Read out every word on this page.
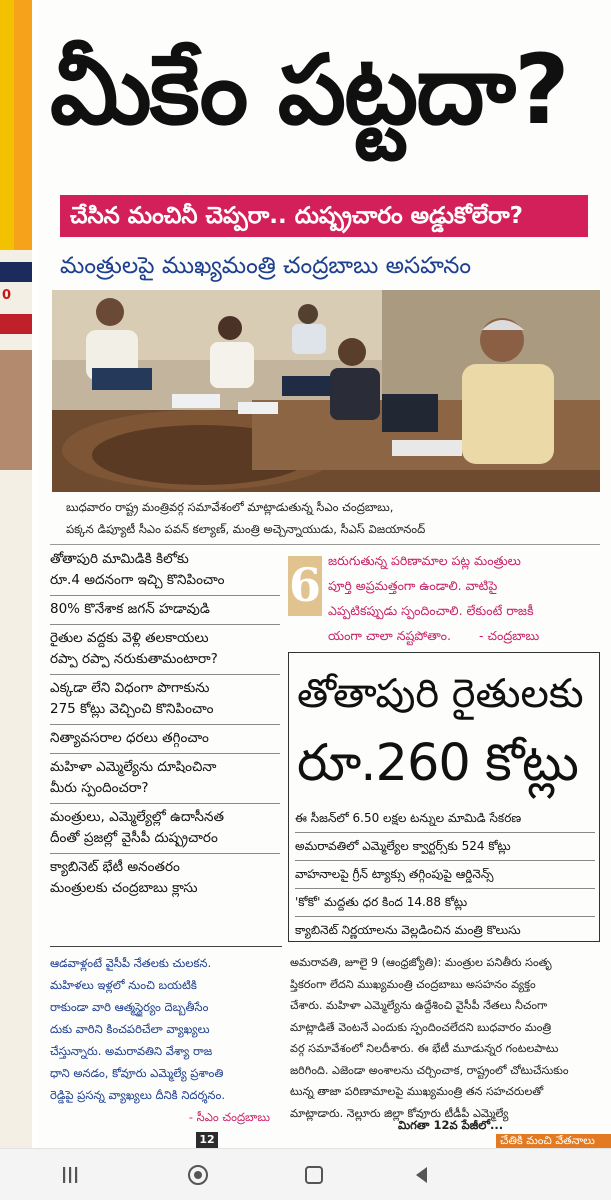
0
మీకేం పట్టదా?
చేసిన మంచినీ చెప్పరా.. దుష్ప్రచారం అడ్డుకోలేరా?
మంత్రులపై ముఖ్యమంత్రి చంద్రబాబు అసహనం
బుధవారం రాష్ట్ర మంత్రివర్గ సమావేశంలో మాట్లాడుతున్న సీఎం చంద్రబాబు,
పక్కన డిప్యూటీ సీఎం పవన్ కల్యాణ్, మంత్రి అచ్చెన్నాయుడు, సీఎస్ విజయానంద్
తోతాపురి మామిడికి కిలోకు
రూ.4 అదనంగా ఇచ్చి కొనిపించాం
80% కొనేశాక జగన్ హడావుడి
రైతుల వద్దకు వెళ్లి తలకాయలు
రప్పా రప్పా నరుకుతామంటారా?
ఎక్కడా లేని విధంగా పొగాకును
275 కోట్లు వెచ్చించి కొనిపించాం
నిత్యావసరాల ధరలు తగ్గించాం
మహిళా ఎమ్మెల్యేను దూషించినా
మీరు స్పందించరా?
మంత్రులు, ఎమ్మెల్యేల్లో ఉదాసీనత
దీంతో ప్రజల్లో వైసీపీ దుష్ప్రచారం
క్యాబినెట్ భేటీ అనంతరం
మంత్రులకు చంద్రబాబు క్లాసు
6 జరుగుతున్న పరిణామాల పట్ల మంత్రులు
పూర్తి అప్రమత్తంగా ఉండాలి. వాటిపై
ఎప్పటికప్పుడు స్పందించాలి. లేకుంటే రాజకీ
యంగా చాలా నష్టపోతాం. - చంద్రబాబు
తోతాపురి రైతులకు
రూ.260 కోట్లు
ఈ సీజన్‌లో 6.50 లక్షల టన్నుల మామిడి సేకరణ
అమరావతిలో ఎమ్మెల్యేల క్వార్టర్స్‌కు 524 కోట్లు
వాహనాలపై గ్రీన్ ట్యాక్సు తగ్గింపుపై ఆర్డినెన్స్
'కోకో' మద్దతు ధర కింద 14.88 కోట్లు
క్యాబినెట్ నిర్ణయాలను వెల్లడించిన మంత్రి కొలుసు
ఆడవాళ్లంటే వైసీపీ నేతలకు చులకన.
మహిళలు ఇళ్లలో నుంచి బయటికి
రాకుండా వారి ఆత్మస్థైర్యం దెబ్బతీసేం
దుకు వారిని కించపరిచేలా వ్యాఖ్యలు
చేస్తున్నారు. అమరావతిని వేశ్యా రాజ
ధాని అనడం, కోవూరు ఎమ్మెల్యే ప్రశాంతి
రెడ్డిపై ప్రసన్న వ్యాఖ్యలు దీనికి నిదర్శనం.
- సీఎం చంద్రబాబు
అమరావతి, జూలై 9 (ఆంధ్రజ్యోతి): మంత్రుల పనితీరు సంతృ
ప్తికరంగా లేదని ముఖ్యమంత్రి చంద్రబాబు అసహనం వ్యక్తం
చేశారు. మహిళా ఎమ్మెల్యేను ఉద్దేశించి వైసీపీ నేతలు నీచంగా
మాట్లాడితే వెంటనే ఎందుకు స్పందించలేదని బుధవారం మంత్రి
వర్గ సమావేశంలో నిలదీశారు. ఈ భేటీ మూడున్నర గంటలపాటు
జరిగింది. ఎజెండా అంశాలను చర్చించాక, రాష్ట్రంలో చోటుచేసుకుం
టున్న తాజా పరిణామాలపై ముఖ్యమంత్రి తన సహచరులతో
మాట్లాడారు. నెల్లూరు జిల్లా కోవూరు టీడీపీ ఎమ్మెల్యే
మిగతా 12వ పేజీలో...
12	చేతికి మంచి వేతనాలు
